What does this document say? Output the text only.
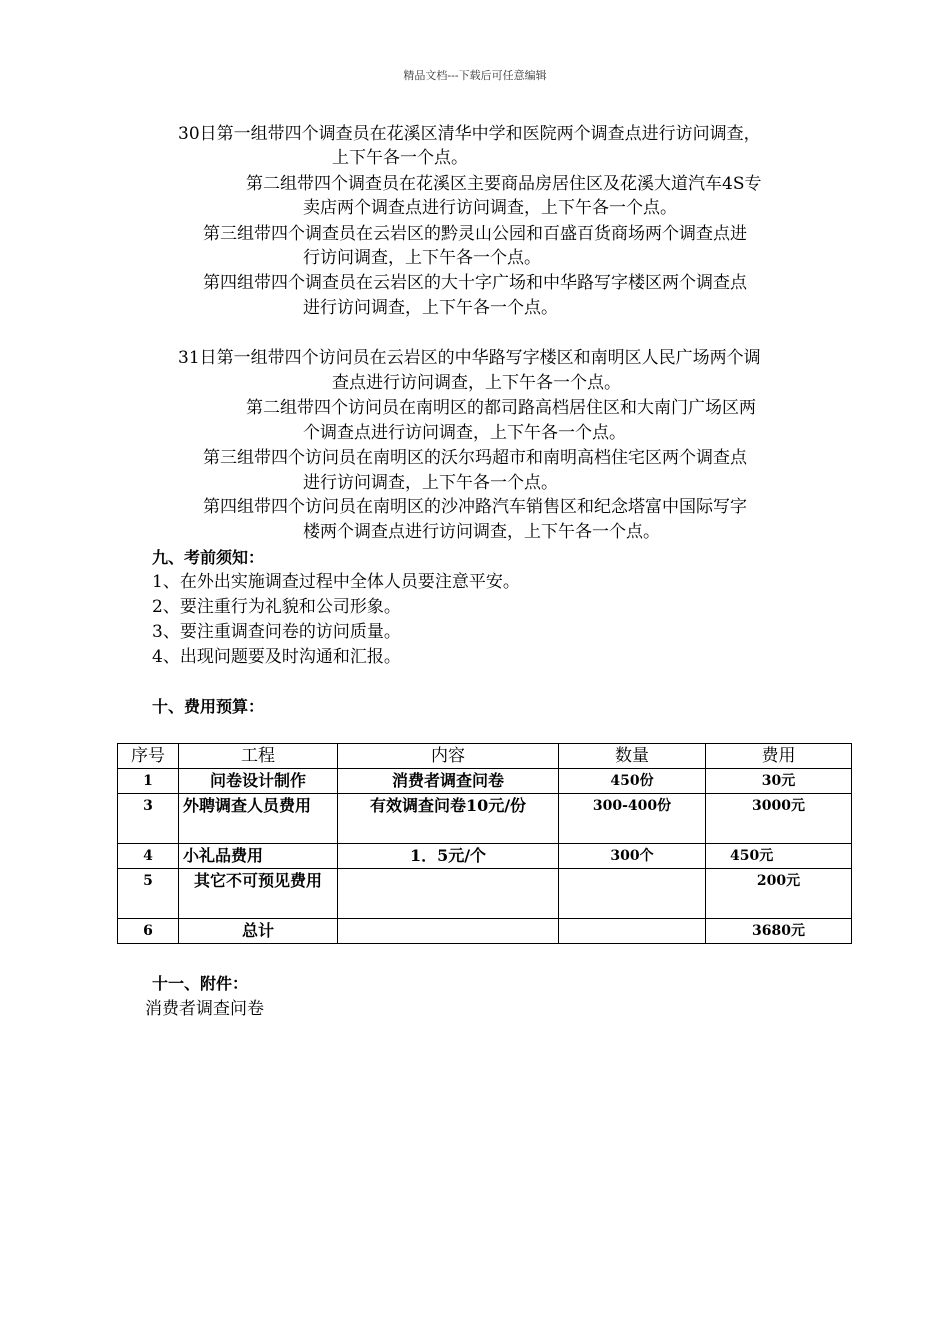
精品文档---下载后可任意编辑
30日第一组带四个调查员在花溪区清华中学和医院两个调查点进行访问调查，
上下午各一个点。
第二组带四个调查员在花溪区主要商品房居住区及花溪大道汽车4S专
卖店两个调查点进行访问调查，上下午各一个点。
第三组带四个调查员在云岩区的黔灵山公园和百盛百货商场两个调查点进
行访问调查，上下午各一个点。
第四组带四个调查员在云岩区的大十字广场和中华路写字楼区两个调查点
进行访问调查，上下午各一个点。
31日第一组带四个访问员在云岩区的中华路写字楼区和南明区人民广场两个调
查点进行访问调查，上下午各一个点。
第二组带四个访问员在南明区的都司路高档居住区和大南门广场区两
个调查点进行访问调查，上下午各一个点。
第三组带四个访问员在南明区的沃尔玛超市和南明高档住宅区两个调查点
进行访问调查，上下午各一个点。
第四组带四个访问员在南明区的沙冲路汽车销售区和纪念塔富中国际写字
楼两个调查点进行访问调查，上下午各一个点。
九、考前须知：
1、在外出实施调查过程中全体人员要注意平安。
2、要注重行为礼貌和公司形象。
3、要注重调查问卷的访问质量。
4、出现问题要及时沟通和汇报。
十、费用预算：
序号	工程	内容	数量	费用
1	问卷设计制作	消费者调查问卷	450份	30元
3	外聘调查人员费用	有效调查问卷10元/份	300-400份	3000元
4	小礼品费用	1．5元/个	300个	450元
5	其它不可预见费用			200元
6	总计			3680元
十一、附件：
消费者调查问卷
